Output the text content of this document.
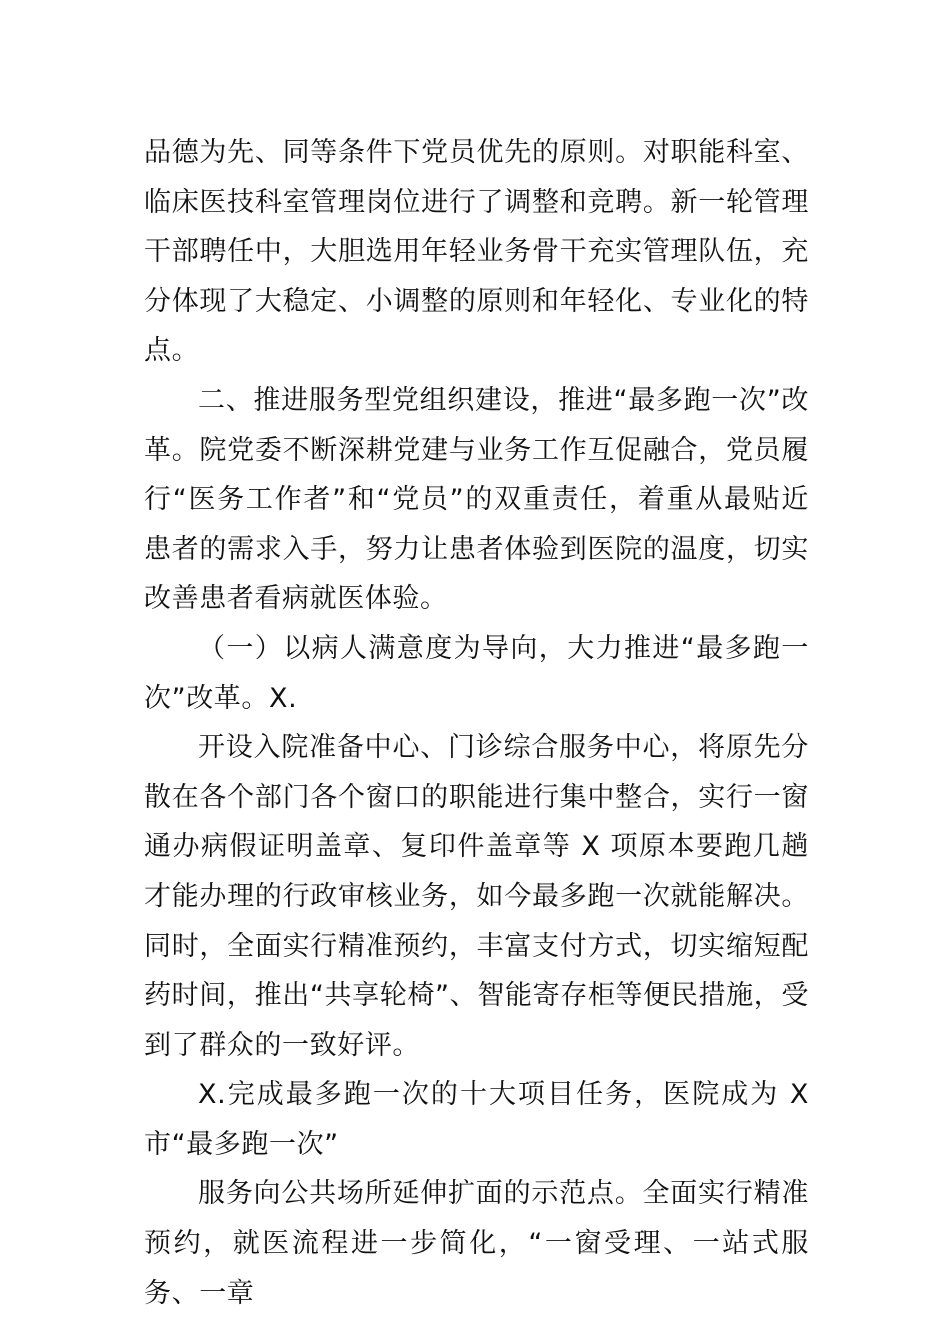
品德为先、同等条件下党员优先的原则。对职能科室、临床医技科室管理岗位进行了调整和竞聘。新一轮管理干部聘任中，大胆选用年轻业务骨干充实管理队伍，充分体现了大稳定、小调整的原则和年轻化、专业化的特点。

二、推进服务型党组织建设，推进“最多跑一次”改革。院党委不断深耕党建与业务工作互促融合，党员履行“医务工作者”和“党员”的双重责任，着重从最贴近患者的需求入手，努力让患者体验到医院的温度，切实改善患者看病就医体验。

（一）以病人满意度为导向，大力推进“最多跑一次”改革。X.

开设入院准备中心、门诊综合服务中心，将原先分散在各个部门各个窗口的职能进行集中整合，实行一窗通办病假证明盖章、复印件盖章等 X 项原本要跑几趟才能办理的行政审核业务，如今最多跑一次就能解决。同时，全面实行精准预约，丰富支付方式，切实缩短配药时间，推出“共享轮椅”、智能寄存柜等便民措施，受到了群众的一致好评。

X.完成最多跑一次的十大项目任务，医院成为 X 市“最多跑一次”

服务向公共场所延伸扩面的示范点。全面实行精准预约，就医流程进一步简化，“一窗受理、一站式服务、一章
